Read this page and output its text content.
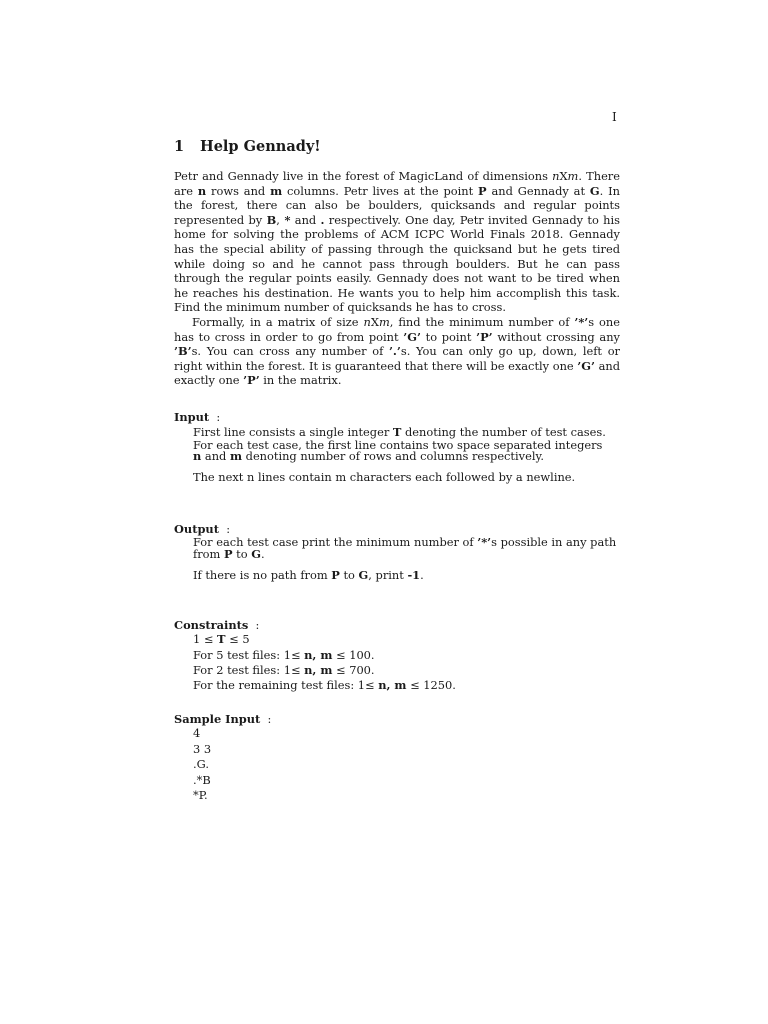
I
1 Help Gennady!

Petr and Gennady live in the forest of MagicLand of dimensions nXm. There are n rows and m columns. Petr lives at the point P and Gennady at G. In the forest, there can also be boulders, quicksands and regular points represented by B, * and . respectively. One day, Petr invited Gennady to his home for solving the problems of ACM ICPC World Finals 2018. Gennady has the special ability of passing through the quicksand but he gets tired while doing so and he cannot pass through boulders. But he can pass through the regular points easily. Gennady does not want to be tired when he reaches his destination. He wants you to help him accomplish this task. Find the minimum number of quicksands he has to cross.

Formally, in a matrix of size nXm, find the minimum number of ’*’s one has to cross in order to go from point ’G’ to point ’P’ without crossing any ’B’s. You can cross any number of ’.’s. You can only go up, down, left or right within the forest. It is guaranteed that there will be exactly one ’G’ and exactly one ’P’ in the matrix.

Input :
First line consists a single integer T denoting the number of test cases.
For each test case, the first line contains two space separated integers
n and m denoting number of rows and columns respectively.
The next n lines contain m characters each followed by a newline.
Output :
For each test case print the minimum number of ’*’s possible in any path
from P to G.
If there is no path from P to G, print -1.
Constraints :
1 ≤ T ≤ 5
For 5 test files: 1≤ n, m ≤ 100.
For 2 test files: 1≤ n, m ≤ 700.
For the remaining test files: 1≤ n, m ≤ 1250.
Sample Input :
4
3 3
.G.
.*B
*P.
